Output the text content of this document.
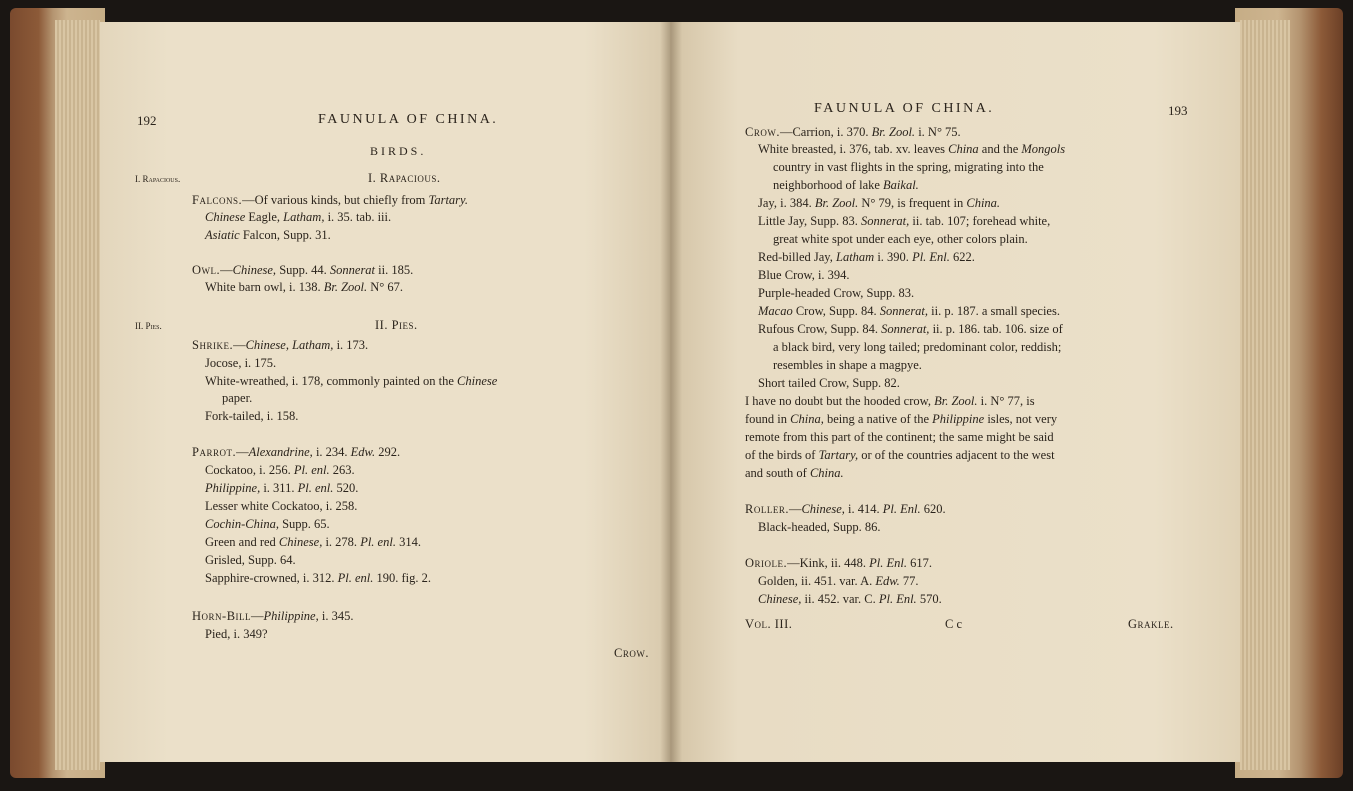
192	FAUNULA OF CHINA.
BIRDS.
I. Rapacious.	I. Rapacious.
Falcons.—Of various kinds, but chiefly from Tartary.
Chinese Eagle, Latham, i. 35. tab. iii.
Asiatic Falcon, Supp. 31.
Owl.—Chinese, Supp. 44. Sonnerat ii. 185.
White barn owl, i. 138. Br. Zool. N° 67.
II. Pies.	II. Pies.
Shrike.—Chinese, Latham, i. 173.
Jocose, i. 175.
White-wreathed, i. 178, commonly painted on the Chinese
paper.
Fork-tailed, i. 158.
Parrot.—Alexandrine, i. 234. Edw. 292.
Cockatoo, i. 256. Pl. enl. 263.
Philippine, i. 311. Pl. enl. 520.
Lesser white Cockatoo, i. 258.
Cochin-China, Supp. 65.
Green and red Chinese, i. 278. Pl. enl. 314.
Grisled, Supp. 64.
Sapphire-crowned, i. 312. Pl. enl. 190. fig. 2.
Horn-Bill—Philippine, i. 345.
Pied, i. 349?
Crow.
FAUNULA OF CHINA.	193
Crow.—Carrion, i. 370. Br. Zool. i. N° 75.
White breasted, i. 376, tab. xv. leaves China and the Mongols
country in vast flights in the spring, migrating into the
neighborhood of lake Baikal.
Jay, i. 384. Br. Zool. N° 79, is frequent in China.
Little Jay, Supp. 83. Sonnerat, ii. tab. 107; forehead white,
great white spot under each eye, other colors plain.
Red-billed Jay, Latham i. 390. Pl. Enl. 622.
Blue Crow, i. 394.
Purple-headed Crow, Supp. 83.
Macao Crow, Supp. 84. Sonnerat, ii. p. 187. a small species.
Rufous Crow, Supp. 84. Sonnerat, ii. p. 186. tab. 106. size of
a black bird, very long tailed; predominant color, reddish;
resembles in shape a magpye.
Short tailed Crow, Supp. 82.
I have no doubt but the hooded crow, Br. Zool. i. N° 77, is
found in China, being a native of the Philippine isles, not very
remote from this part of the continent; the same might be said
of the birds of Tartary, or of the countries adjacent to the west
and south of China.
Roller.—Chinese, i. 414. Pl. Enl. 620.
Black-headed, Supp. 86.
Oriole.—Kink, ii. 448. Pl. Enl. 617.
Golden, ii. 451. var. A. Edw. 77.
Chinese, ii. 452. var. C. Pl. Enl. 570.
Vol. III.	C c	Grakle.
